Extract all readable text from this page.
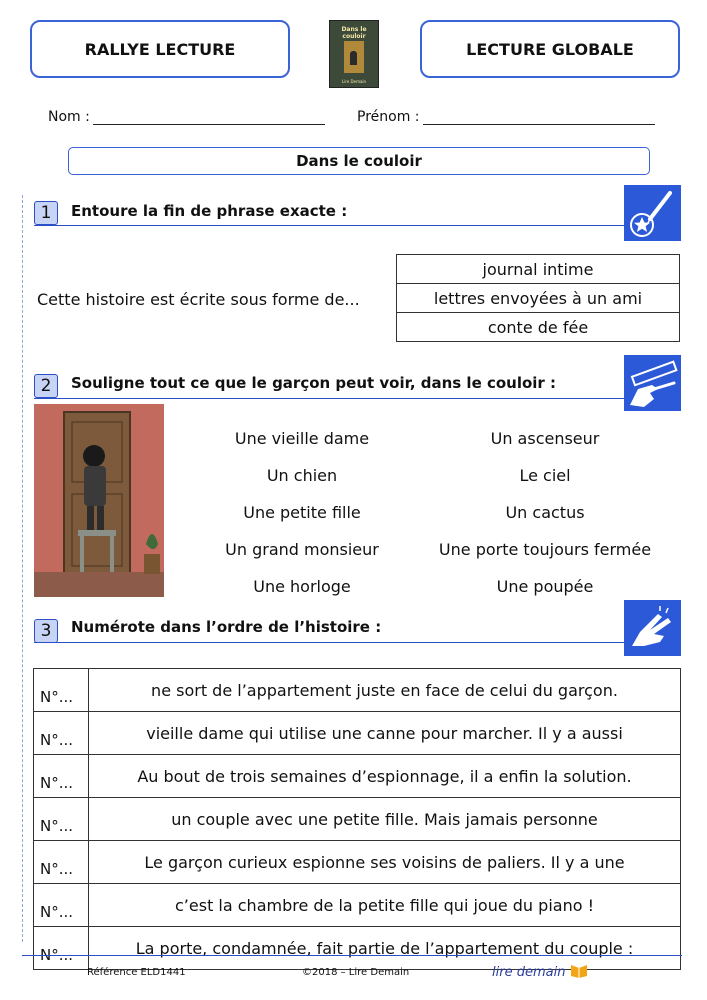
RALLYE LECTURE
Dans le couloir
Lire Demain
LECTURE GLOBALE
Nom :	Prénom :
Dans le couloir
1 Entoure la fin de phrase exacte :
Cette histoire est écrite sous forme de...
journal intime
lettres envoyées à un ami
conte de fée
2 Souligne tout ce que le garçon peut voir, dans le couloir :
Une vieille dame
Un chien
Une petite fille
Un grand monsieur
Une horloge
Un ascenseur
Le ciel
Un cactus
Une porte toujours fermée
Une poupée
3 Numérote dans l’ordre de l’histoire :
N°...	ne sort de l’appartement juste en face de celui du garçon.
N°...	vieille dame qui utilise une canne pour marcher. Il y a aussi
N°...	Au bout de trois semaines d’espionnage, il a enfin la solution.
N°...	un couple avec une petite fille. Mais jamais personne
N°...	Le garçon curieux espionne ses voisins de paliers. Il y a une
N°...	c’est la chambre de la petite fille qui joue du piano !
N°...	La porte, condamnée, fait partie de l’appartement du couple :
Référence ELD1441	©2018 – Lire Demain	lire demain
